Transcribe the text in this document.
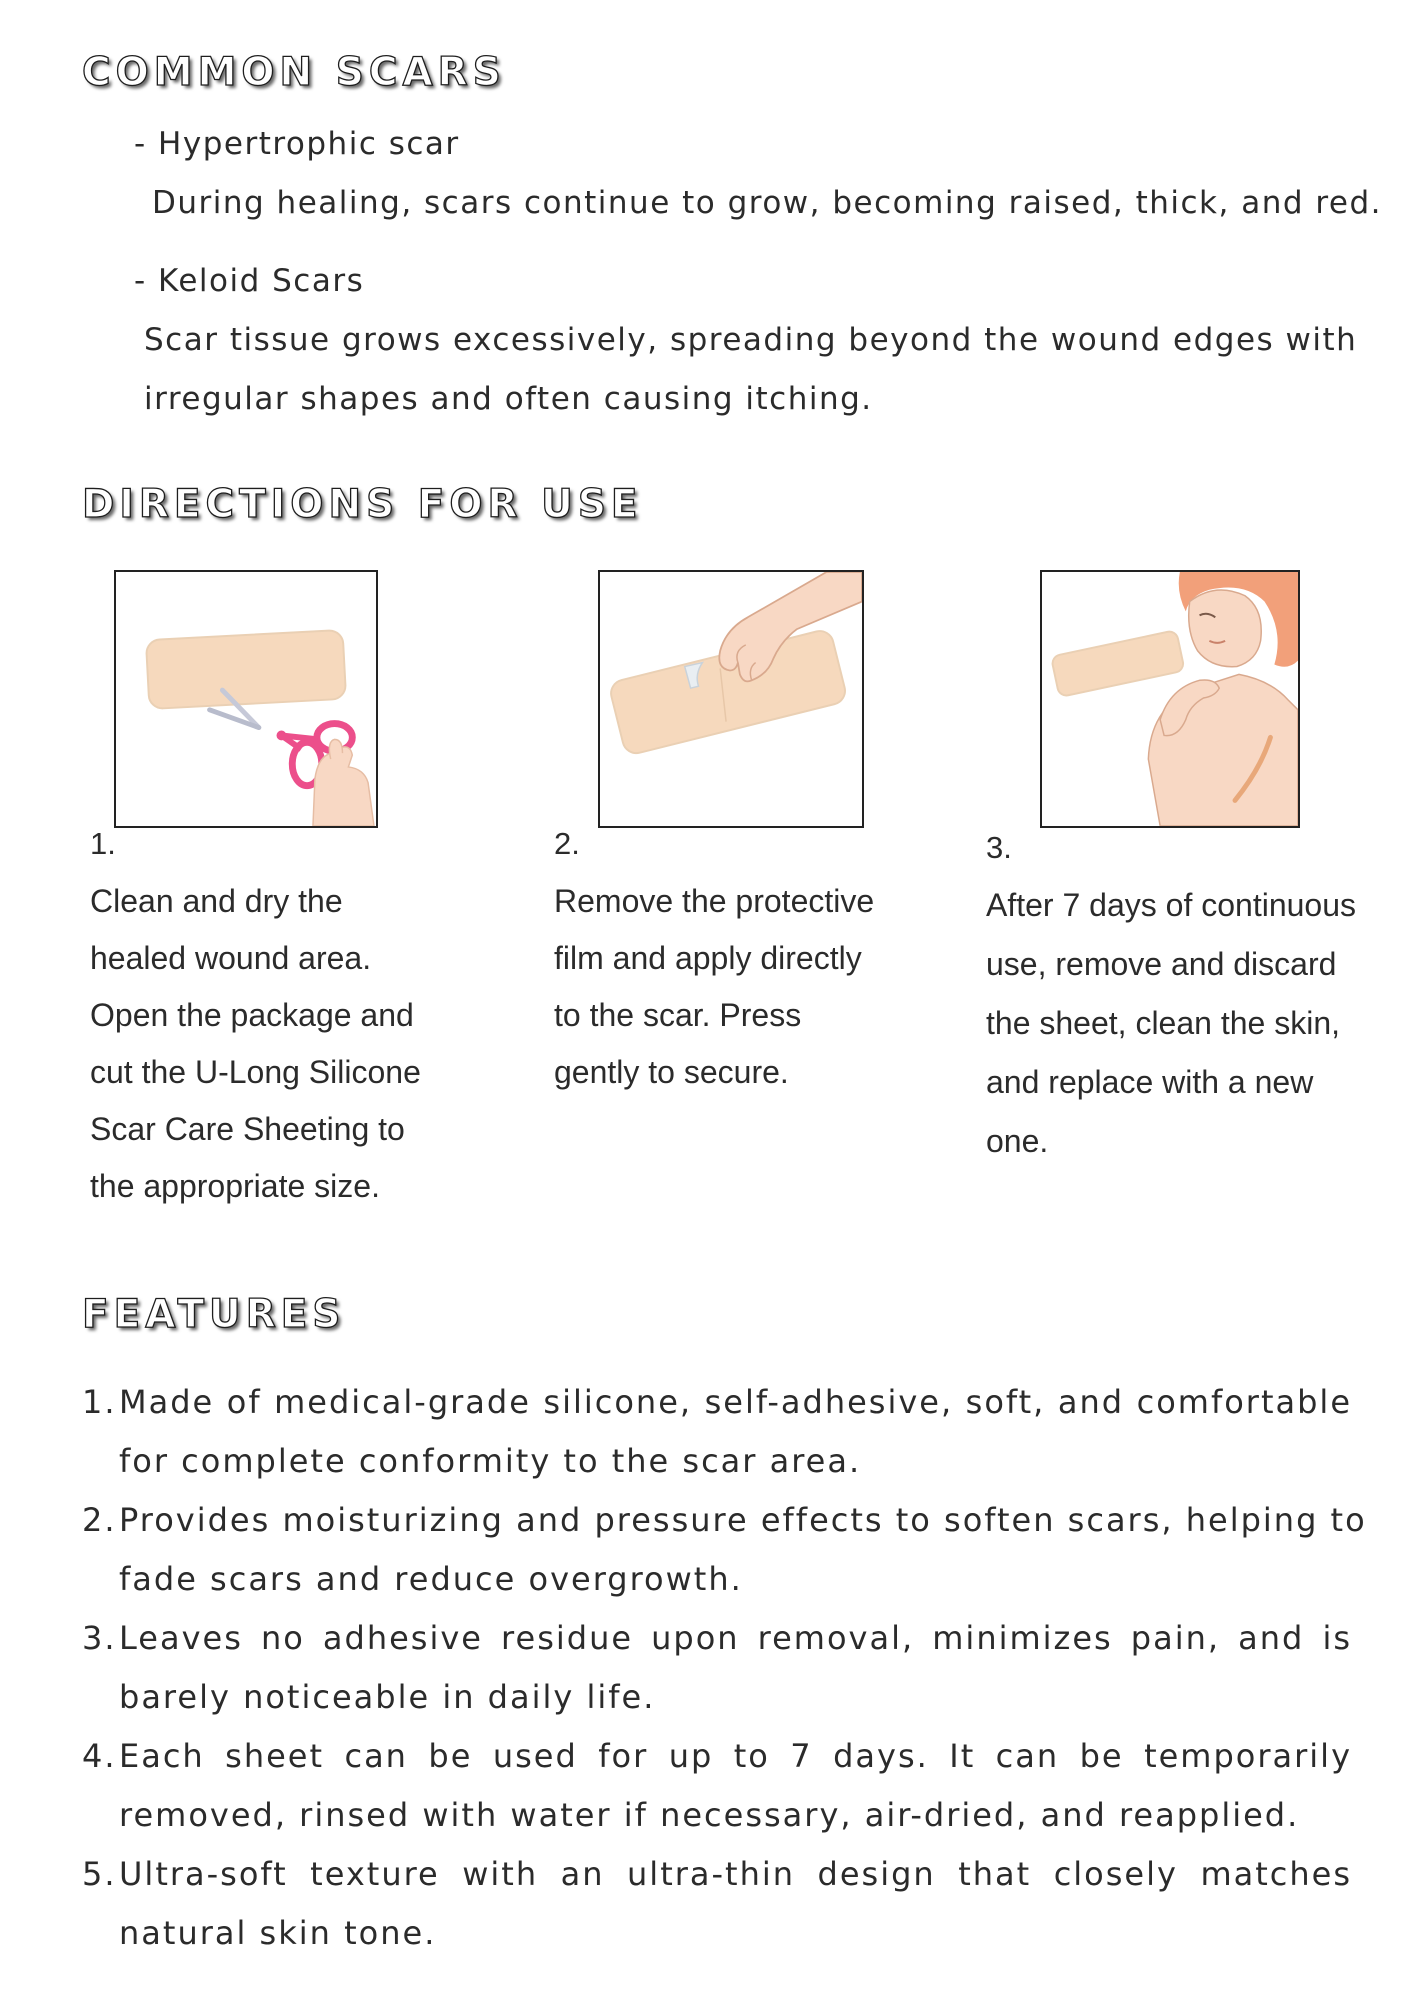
COMMON SCARS

- Hypertrophic scar

During healing, scars continue to grow, becoming raised, thick, and red.

- Keloid Scars

Scar tissue grows excessively, spreading beyond the wound edges with

irregular shapes and often causing itching.

DIRECTIONS FOR USE

1.

Clean and dry the

healed wound area.

Open the package and

cut the U-Long Silicone

Scar Care Sheeting to

the appropriate size.

2.

Remove the protective

film and apply directly

to the scar. Press

gently to secure.

3.

After 7 days of continuous

use, remove and discard

the sheet, clean the skin,

and replace with a new

one.

FEATURES
1. Made of medical-grade silicone, self-adhesive, soft, and comfortable
for complete conformity to the scar area.
2. Provides moisturizing and pressure effects to soften scars, helping to
fade scars and reduce overgrowth.
3. Leaves no adhesive residue upon removal, minimizes pain, and is
barely noticeable in daily life.
4. Each sheet can be used for up to 7 days. It can be temporarily
removed, rinsed with water if necessary, air-dried, and reapplied.
5. Ultra-soft texture with an ultra-thin design that closely matches
natural skin tone.
